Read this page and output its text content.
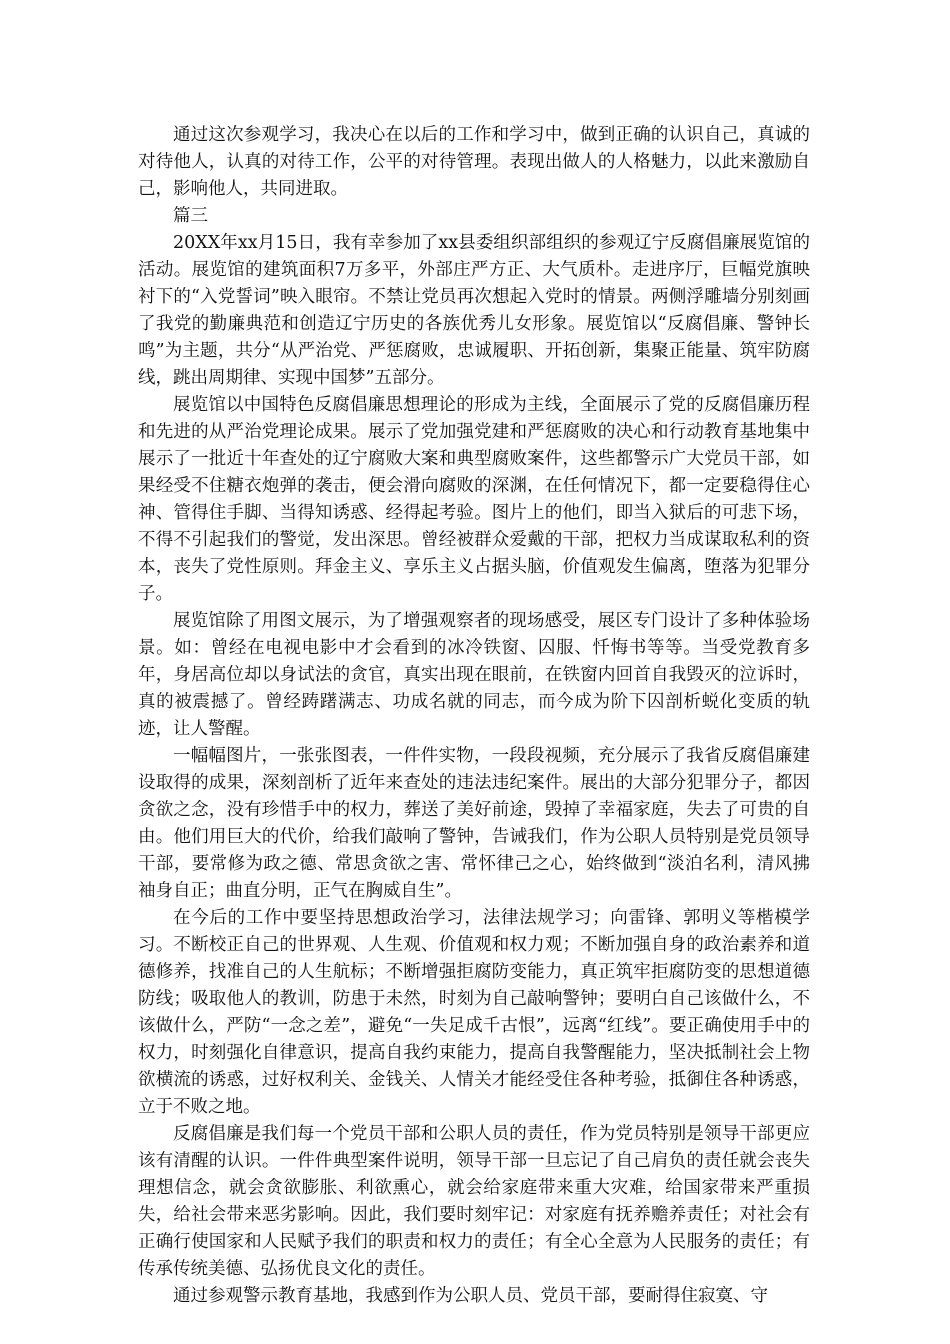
通过这次参观学习，我决心在以后的工作和学习中，做到正确的认识自己，真诚的对待他人，认真的对待工作，公平的对待管理。表现出做人的人格魅力，以此来激励自己，影响他人，共同进取。

篇三

20XX年xx月15日，我有幸参加了xx县委组织部组织的参观辽宁反腐倡廉展览馆的活动。展览馆的建筑面积7万多平，外部庄严方正、大气质朴。走进序厅，巨幅党旗映衬下的“入党誓词”映入眼帘。不禁让党员再次想起入党时的情景。两侧浮雕墙分别刻画了我党的勤廉典范和创造辽宁历史的各族优秀儿女形象。展览馆以“反腐倡廉、警钟长鸣”为主题，共分“从严治党、严惩腐败，忠诚履职、开拓创新，集聚正能量、筑牢防腐线，跳出周期律、实现中国梦”五部分。

展览馆以中国特色反腐倡廉思想理论的形成为主线，全面展示了党的反腐倡廉历程和先进的从严治党理论成果。展示了党加强党建和严惩腐败的决心和行动教育基地集中展示了一批近十年查处的辽宁腐败大案和典型腐败案件，这些都警示广大党员干部，如果经受不住糖衣炮弹的袭击，便会滑向腐败的深渊，在任何情况下，都一定要稳得住心神、管得住手脚、当得知诱惑、经得起考验。图片上的他们，即当入狱后的可悲下场，不得不引起我们的警觉，发出深思。曾经被群众爱戴的干部，把权力当成谋取私利的资本，丧失了党性原则。拜金主义、享乐主义占据头脑，价值观发生偏离，堕落为犯罪分子。

展览馆除了用图文展示，为了增强观察者的现场感受，展区专门设计了多种体验场景。如：曾经在电视电影中才会看到的冰冷铁窗、囚服、忏悔书等等。当受党教育多年，身居高位却以身试法的贪官，真实出现在眼前，在铁窗内回首自我毁灭的泣诉时，真的被震撼了。曾经踌躇满志、功成名就的同志，而今成为阶下囚剖析蜕化变质的轨迹，让人警醒。

一幅幅图片，一张张图表，一件件实物，一段段视频，充分展示了我省反腐倡廉建设取得的成果，深刻剖析了近年来查处的违法违纪案件。展出的大部分犯罪分子，都因贪欲之念，没有珍惜手中的权力，葬送了美好前途，毁掉了幸福家庭，失去了可贵的自由。他们用巨大的代价，给我们敲响了警钟，告诫我们，作为公职人员特别是党员领导干部，要常修为政之德、常思贪欲之害、常怀律己之心，始终做到“淡泊名利，清风拂袖身自正；曲直分明，正气在胸威自生”。

在今后的工作中要坚持思想政治学习，法律法规学习；向雷锋、郭明义等楷模学习。不断校正自己的世界观、人生观、价值观和权力观；不断加强自身的政治素养和道德修养，找准自己的人生航标；不断增强拒腐防变能力，真正筑牢拒腐防变的思想道德防线；吸取他人的教训，防患于未然，时刻为自己敲响警钟；要明白自己该做什么，不该做什么，严防“一念之差”，避免“一失足成千古恨”，远离“红线”。要正确使用手中的权力，时刻强化自律意识，提高自我约束能力，提高自我警醒能力，坚决抵制社会上物欲横流的诱惑，过好权利关、金钱关、人情关才能经受住各种考验，抵御住各种诱惑，立于不败之地。

反腐倡廉是我们每一个党员干部和公职人员的责任，作为党员特别是领导干部更应该有清醒的认识。一件件典型案件说明，领导干部一旦忘记了自己肩负的责任就会丧失理想信念，就会贪欲膨胀、利欲熏心，就会给家庭带来重大灾难，给国家带来严重损失，给社会带来恶劣影响。因此，我们要时刻牢记：对家庭有抚养赡养责任；对社会有正确行使国家和人民赋予我们的职责和权力的责任；有全心全意为人民服务的责任；有传承传统美德、弘扬优良文化的责任。

通过参观警示教育基地，我感到作为公职人员、党员干部，要耐得住寂寞、守
